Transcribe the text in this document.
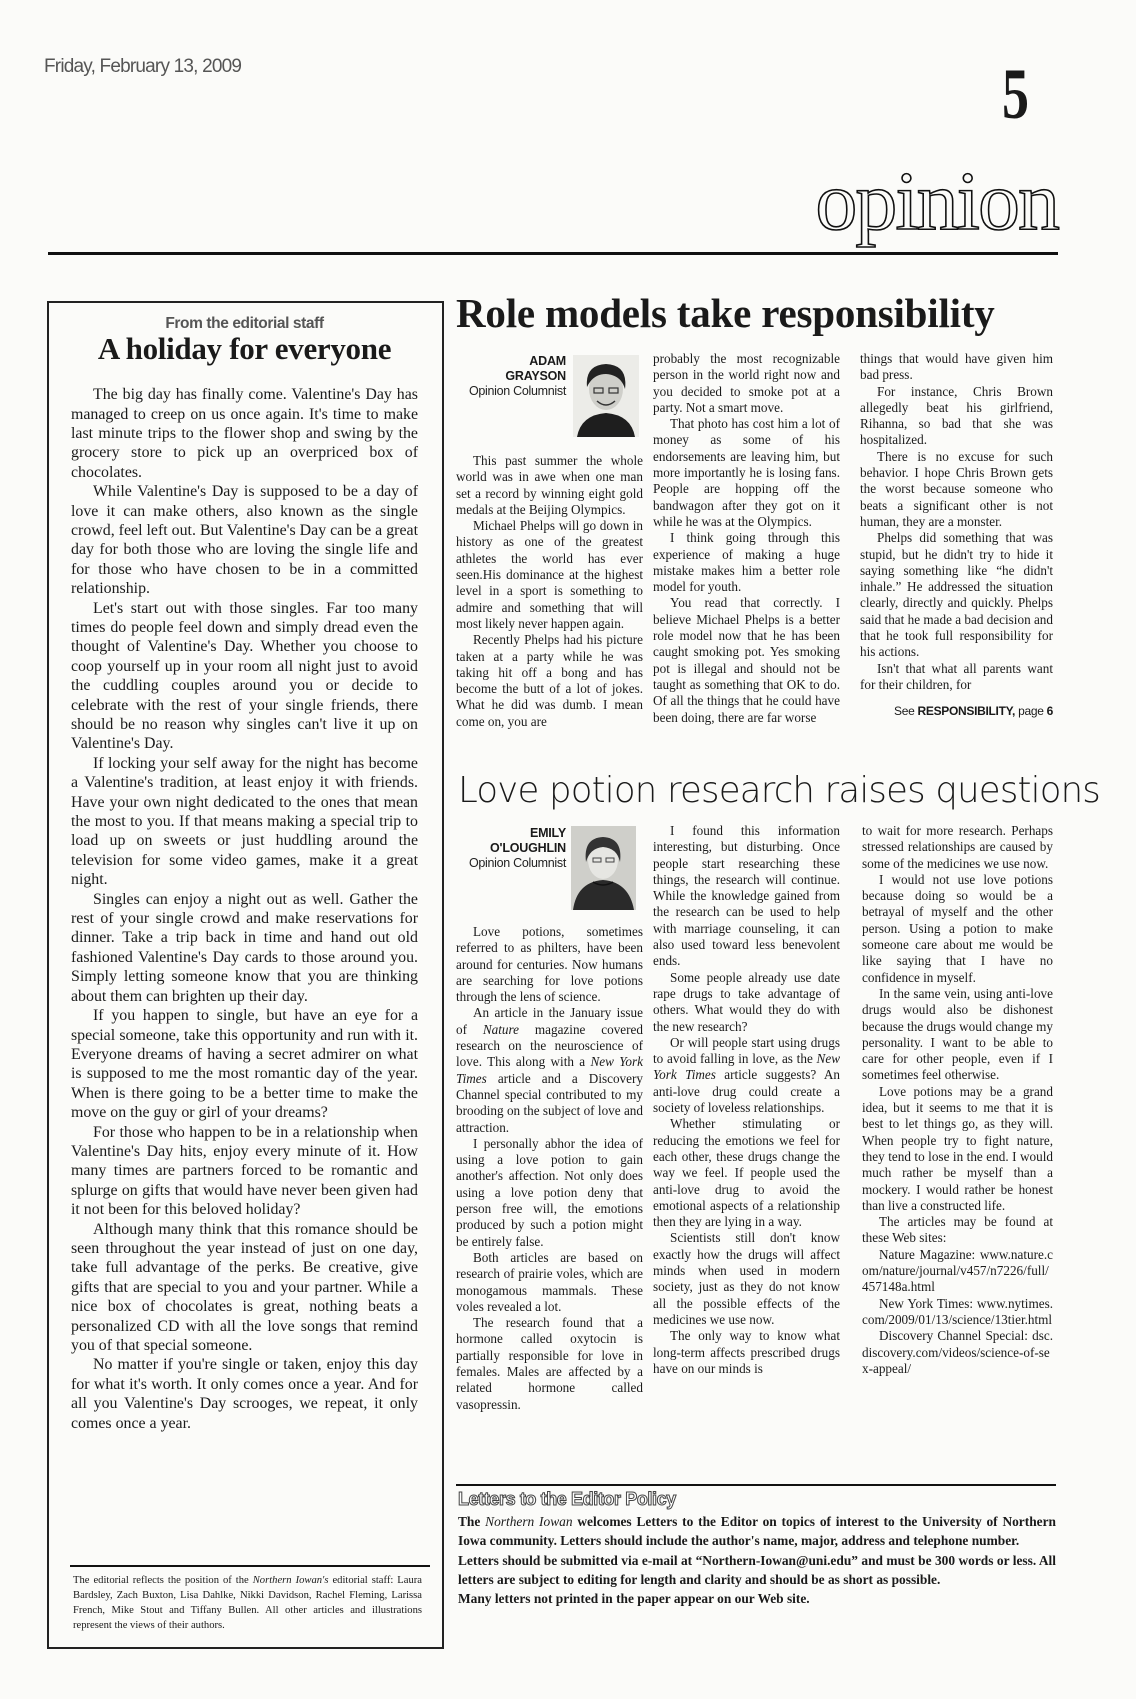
Friday, February 13, 2009	5
opinion
From the editorial staff
A holiday for everyone

The big day has finally come. Valentine's Day has managed to creep on us once again. It's time to make last minute trips to the flower shop and swing by the grocery store to pick up an overpriced box of chocolates.

While Valentine's Day is supposed to be a day of love it can make others, also known as the single crowd, feel left out. But Valentine's Day can be a great day for both those who are loving the single life and for those who have chosen to be in a committed relationship.

Let's start out with those singles. Far too many times do people feel down and simply dread even the thought of Valentine's Day. Whether you choose to coop yourself up in your room all night just to avoid the cuddling couples around you or decide to celebrate with the rest of your single friends, there should be no reason why singles can't live it up on Valentine's Day.

If locking your self away for the night has become a Valentine's tradition, at least enjoy it with friends. Have your own night dedicated to the ones that mean the most to you. If that means making a special trip to load up on sweets or just huddling around the television for some video games, make it a great night.

Singles can enjoy a night out as well. Gather the rest of your single crowd and make reservations for dinner. Take a trip back in time and hand out old fashioned Valentine's Day cards to those around you. Simply letting someone know that you are thinking about them can brighten up their day.

If you happen to single, but have an eye for a special someone, take this opportunity and run with it. Everyone dreams of having a secret admirer on what is supposed to me the most romantic day of the year. When is there going to be a better time to make the move on the guy or girl of your dreams?

For those who happen to be in a relationship when Valentine's Day hits, enjoy every minute of it. How many times are partners forced to be romantic and splurge on gifts that would have never been given had it not been for this beloved holiday?

Although many think that this romance should be seen throughout the year instead of just on one day, take full advantage of the perks. Be creative, give gifts that are special to you and your partner. While a nice box of chocolates is great, nothing beats a personalized CD with all the love songs that remind you of that special someone.

No matter if you're single or taken, enjoy this day for what it's worth. It only comes once a year. And for all you Valentine's Day scrooges, we repeat, it only comes once a year.

The editorial reflects the position of the Northern Iowan's editorial staff: Laura Bardsley, Zach Buxton, Lisa Dahlke, Nikki Davidson, Rachel Fleming, Larissa French, Mike Stout and Tiffany Bullen. All other articles and illustrations represent the views of their authors.
Role models take responsibility
ADAM
GRAYSON
Opinion Columnist

This past summer the whole world was in awe when one man set a record by winning eight gold medals at the Beijing Olympics.

Michael Phelps will go down in history as one of the greatest athletes the world has ever seen.His dominance at the highest level in a sport is something to admire and something that will most likely never happen again.

Recently Phelps had his picture taken at a party while he was taking hit off a bong and has become the butt of a lot of jokes. What he did was dumb. I mean come on, you are

probably the most recognizable person in the world right now and you decided to smoke pot at a party. Not a smart move.

That photo has cost him a lot of money as some of his endorsements are leaving him, but more importantly he is losing fans. People are hopping off the bandwagon after they got on it while he was at the Olympics.

I think going through this experience of making a huge mistake makes him a better role model for youth.

You read that correctly. I believe Michael Phelps is a better role model now that he has been caught smoking pot. Yes smoking pot is illegal and should not be taught as something that OK to do. Of all the things that he could have been doing, there are far worse

things that would have given him bad press.

For instance, Chris Brown allegedly beat his girlfriend, Rihanna, so bad that she was hospitalized.

There is no excuse for such behavior. I hope Chris Brown gets the worst because someone who beats a significant other is not human, they are a monster.

Phelps did something that was stupid, but he didn't try to hide it saying something like “he didn't inhale.” He addressed the situation clearly, directly and quickly. Phelps said that he made a bad decision and that he took full responsibility for his actions.

Isn't that what all parents want for their children, for

See RESPONSIBILITY, page 6
Love potion research raises questions
EMILY
O'LOUGHLIN
Opinion Columnist

Love potions, sometimes referred to as philters, have been around for centuries. Now humans are searching for love potions through the lens of science.

An article in the January issue of Nature magazine covered research on the neuroscience of love. This along with a New York Times article and a Discovery Channel special contributed to my brooding on the subject of love and attraction.

I personally abhor the idea of using a love potion to gain another's affection. Not only does using a love potion deny that person free will, the emotions produced by such a potion might be entirely false.

Both articles are based on research of prairie voles, which are monogamous mammals. These voles revealed a lot.

The research found that a hormone called oxytocin is partially responsible for love in females. Males are affected by a related hormone called vasopressin.

I found this information interesting, but disturbing. Once people start researching these things, the research will continue. While the knowledge gained from the research can be used to help with marriage counseling, it can also used toward less benevolent ends.

Some people already use date rape drugs to take advantage of others. What would they do with the new research?

Or will people start using drugs to avoid falling in love, as the New York Times article suggests? An anti-love drug could create a society of loveless relationships.

Whether stimulating or reducing the emotions we feel for each other, these drugs change the way we feel. If people used the anti-love drug to avoid the emotional aspects of a relationship then they are lying in a way.

Scientists still don't know exactly how the drugs will affect minds when used in modern society, just as they do not know all the possible effects of the medicines we use now.

The only way to know what long-term affects prescribed drugs have on our minds is

to wait for more research. Perhaps stressed relationships are caused by some of the medicines we use now.

I would not use love potions because doing so would be a betrayal of myself and the other person. Using a potion to make someone care about me would be like saying that I have no confidence in myself.

In the same vein, using anti-love drugs would also be dishonest because the drugs would change my personality. I want to be able to care for other people, even if I sometimes feel otherwise.

Love potions may be a grand idea, but it seems to me that it is best to let things go, as they will. When people try to fight nature, they tend to lose in the end. I would much rather be myself than a mockery. I would rather be honest than live a constructed life.

The articles may be found at these Web sites:

Nature Magazine: www.nature.com/nature/journal/v457/n7226/full/457148a.html

New York Times: www.nytimes.com/2009/01/13/science/13tier.html

Discovery Channel Special: dsc.discovery.com/videos/science-of-sex-appeal/

Letters to the Editor Policy

The Northern Iowan welcomes Letters to the Editor on topics of interest to the University of Northern Iowa community. Letters should include the author's name, major, address and telephone number.

Letters should be submitted via e-mail at “Northern-Iowan@uni.edu” and must be 300 words or less. All letters are subject to editing for length and clarity and should be as short as possible.

Many letters not printed in the paper appear on our Web site.
